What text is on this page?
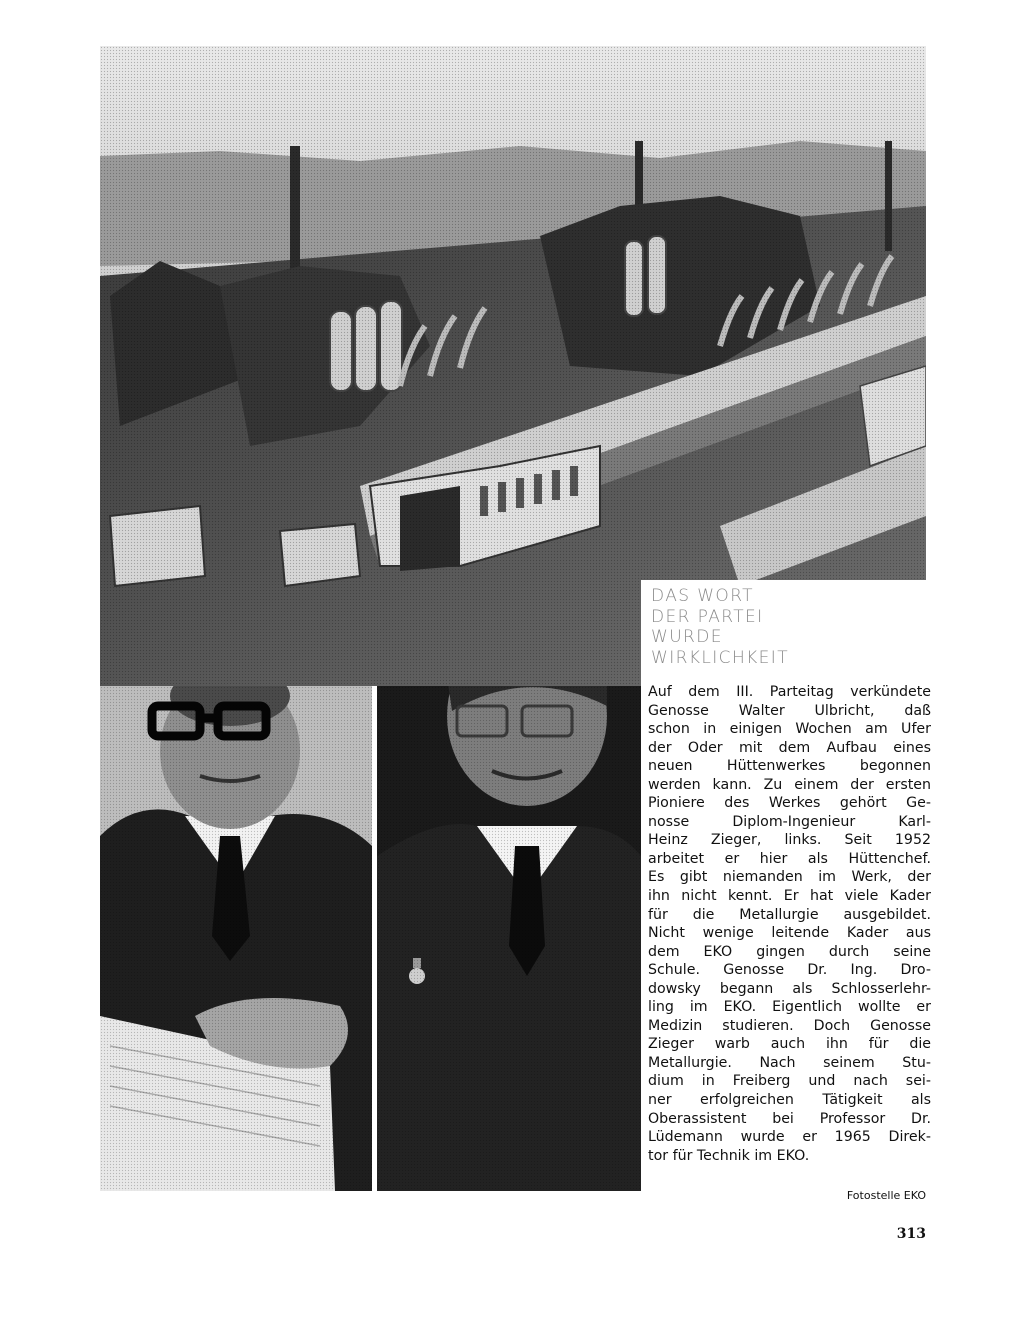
DAS WORT
DER PARTEI
WURDE
WIRKLICHKEIT

Auf dem III. Parteitag verkündete
Genosse Walter Ulbricht, daß
schon in einigen Wochen am Ufer
der Oder mit dem Aufbau eines
neuen Hüttenwerkes begonnen
werden kann. Zu einem der ersten
Pioniere des Werkes gehört Ge-
nosse Diplom-Ingenieur Karl-
Heinz Zieger, links. Seit 1952
arbeitet er hier als Hüttenchef.
Es gibt niemanden im Werk, der
ihn nicht kennt. Er hat viele Kader
für die Metallurgie ausgebildet.
Nicht wenige leitende Kader aus
dem EKO gingen durch seine
Schule. Genosse Dr. Ing. Dro-
dowsky begann als Schlosserlehr-
ling im EKO. Eigentlich wollte er
Medizin studieren. Doch Genosse
Zieger warb auch ihn für die
Metallurgie. Nach seinem Stu-
dium in Freiberg und nach sei-
ner erfolgreichen Tätigkeit als
Oberassistent bei Professor Dr.
Lüdemann wurde er 1965 Direk-
tor für Technik im EKO.

Fotostelle EKO
313
